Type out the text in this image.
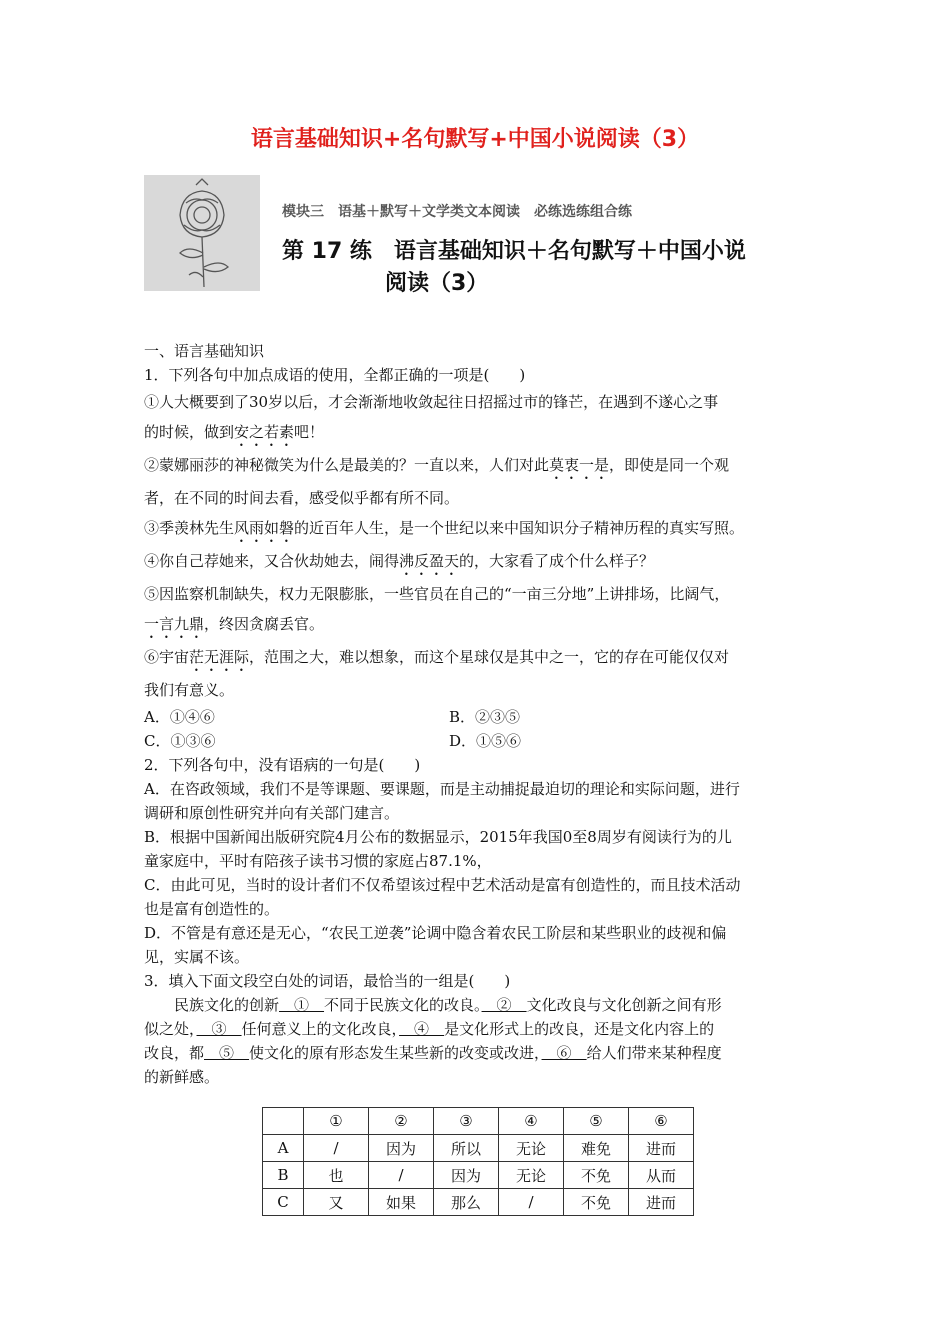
语言基础知识+名句默写+中国小说阅读（3）
模块三　语基＋默写＋文学类文本阅读　必练选练组合练
第 17 练　语言基础知识＋名句默写＋中国小说
阅读（3）

一、语言基础知识

1．下列各句中加点成语的使用，全都正确的一项是(　　)

①人大概要到了30岁以后，才会渐渐地收敛起往日招摇过市的锋芒，在遇到不遂心之事

的时候，做到安之若素吧！

②蒙娜丽莎的神秘微笑为什么是最美的？一直以来，人们对此莫衷一是，即使是同一个观

者，在不同的时间去看，感受似乎都有所不同。

③季羡林先生风雨如磐的近百年人生，是一个世纪以来中国知识分子精神历程的真实写照。

④你自己荐她来，又合伙劫她去，闹得沸反盈天的，大家看了成个什么样子？

⑤因监察机制缺失，权力无限膨胀，一些官员在自己的“一亩三分地”上讲排场，比阔气，

一言九鼎，终因贪腐丢官。

⑥宇宙茫无涯际，范围之大，难以想象，而这个星球仅是其中之一，它的存在可能仅仅对

我们有意义。

A．①④⑥	B．②③⑤

C．①③⑥	D．①⑤⑥

2．下列各句中，没有语病的一句是(　　)

A．在咨政领域，我们不是等课题、要课题，而是主动捕捉最迫切的理论和实际问题，进行

调研和原创性研究并向有关部门建言。

B．根据中国新闻出版研究院4月公布的数据显示，2015年我国0至8周岁有阅读行为的儿

童家庭中，平时有陪孩子读书习惯的家庭占87.1%，

C．由此可见，当时的设计者们不仅希望该过程中艺术活动是富有创造性的，而且技术活动

也是富有创造性的。

D．不管是有意还是无心，“农民工逆袭”论调中隐含着农民工阶层和某些职业的歧视和偏

见，实属不该。

3．填入下面文段空白处的词语，最恰当的一组是(　　)

民族文化的创新　①　不同于民族文化的改良。　②　文化改良与文化创新之间有形

似之处，　③　任何意义上的文化改良，　④　是文化形式上的改良，还是文化内容上的

改良，都　⑤　使文化的原有形态发生某些新的改变或改进，　⑥　给人们带来某种程度

的新鲜感。

	①	②	③	④	⑤	⑥
A	/	因为	所以	无论	难免	进而
B	也	/	因为	无论	不免	从而
C	又	如果	那么	/	不免	进而
